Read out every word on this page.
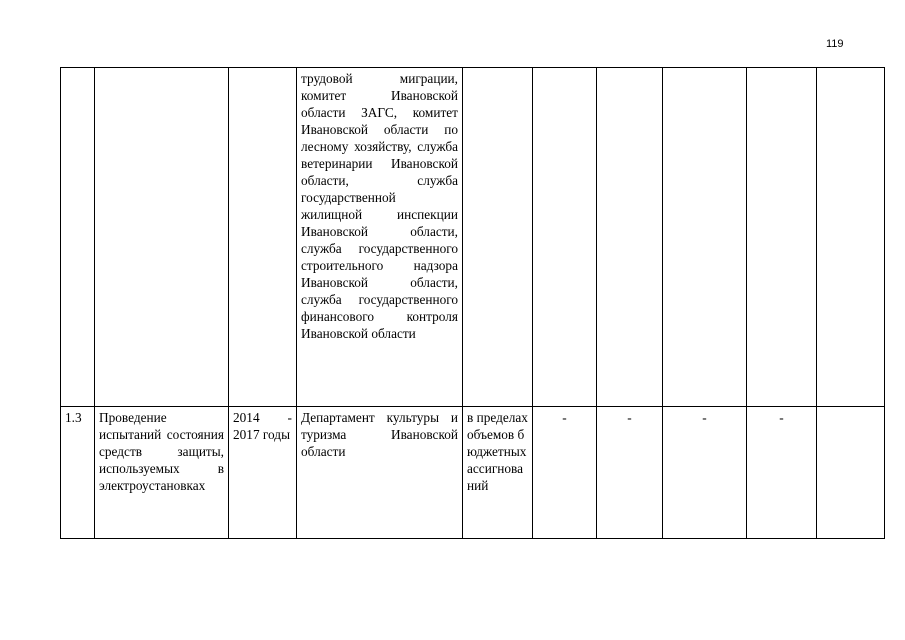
119
			трудовой миграции, комитет Ивановской области ЗАГС, комитет Ивановской области по лесному хозяйству, служба ветеринарии Ивановской области, служба государственной жилищной инспекции Ивановской области, служба государственного строительного надзора Ивановской области, служба государственного финансового контроля Ивановской области						
1.3	Проведение испытаний состояния средств защиты, используемых в электроустановках	2014 - 2017 годы	Департамент культуры и туризма Ивановской области	в пределах объемов бюджетных ассигнований	-	-	-	-	
